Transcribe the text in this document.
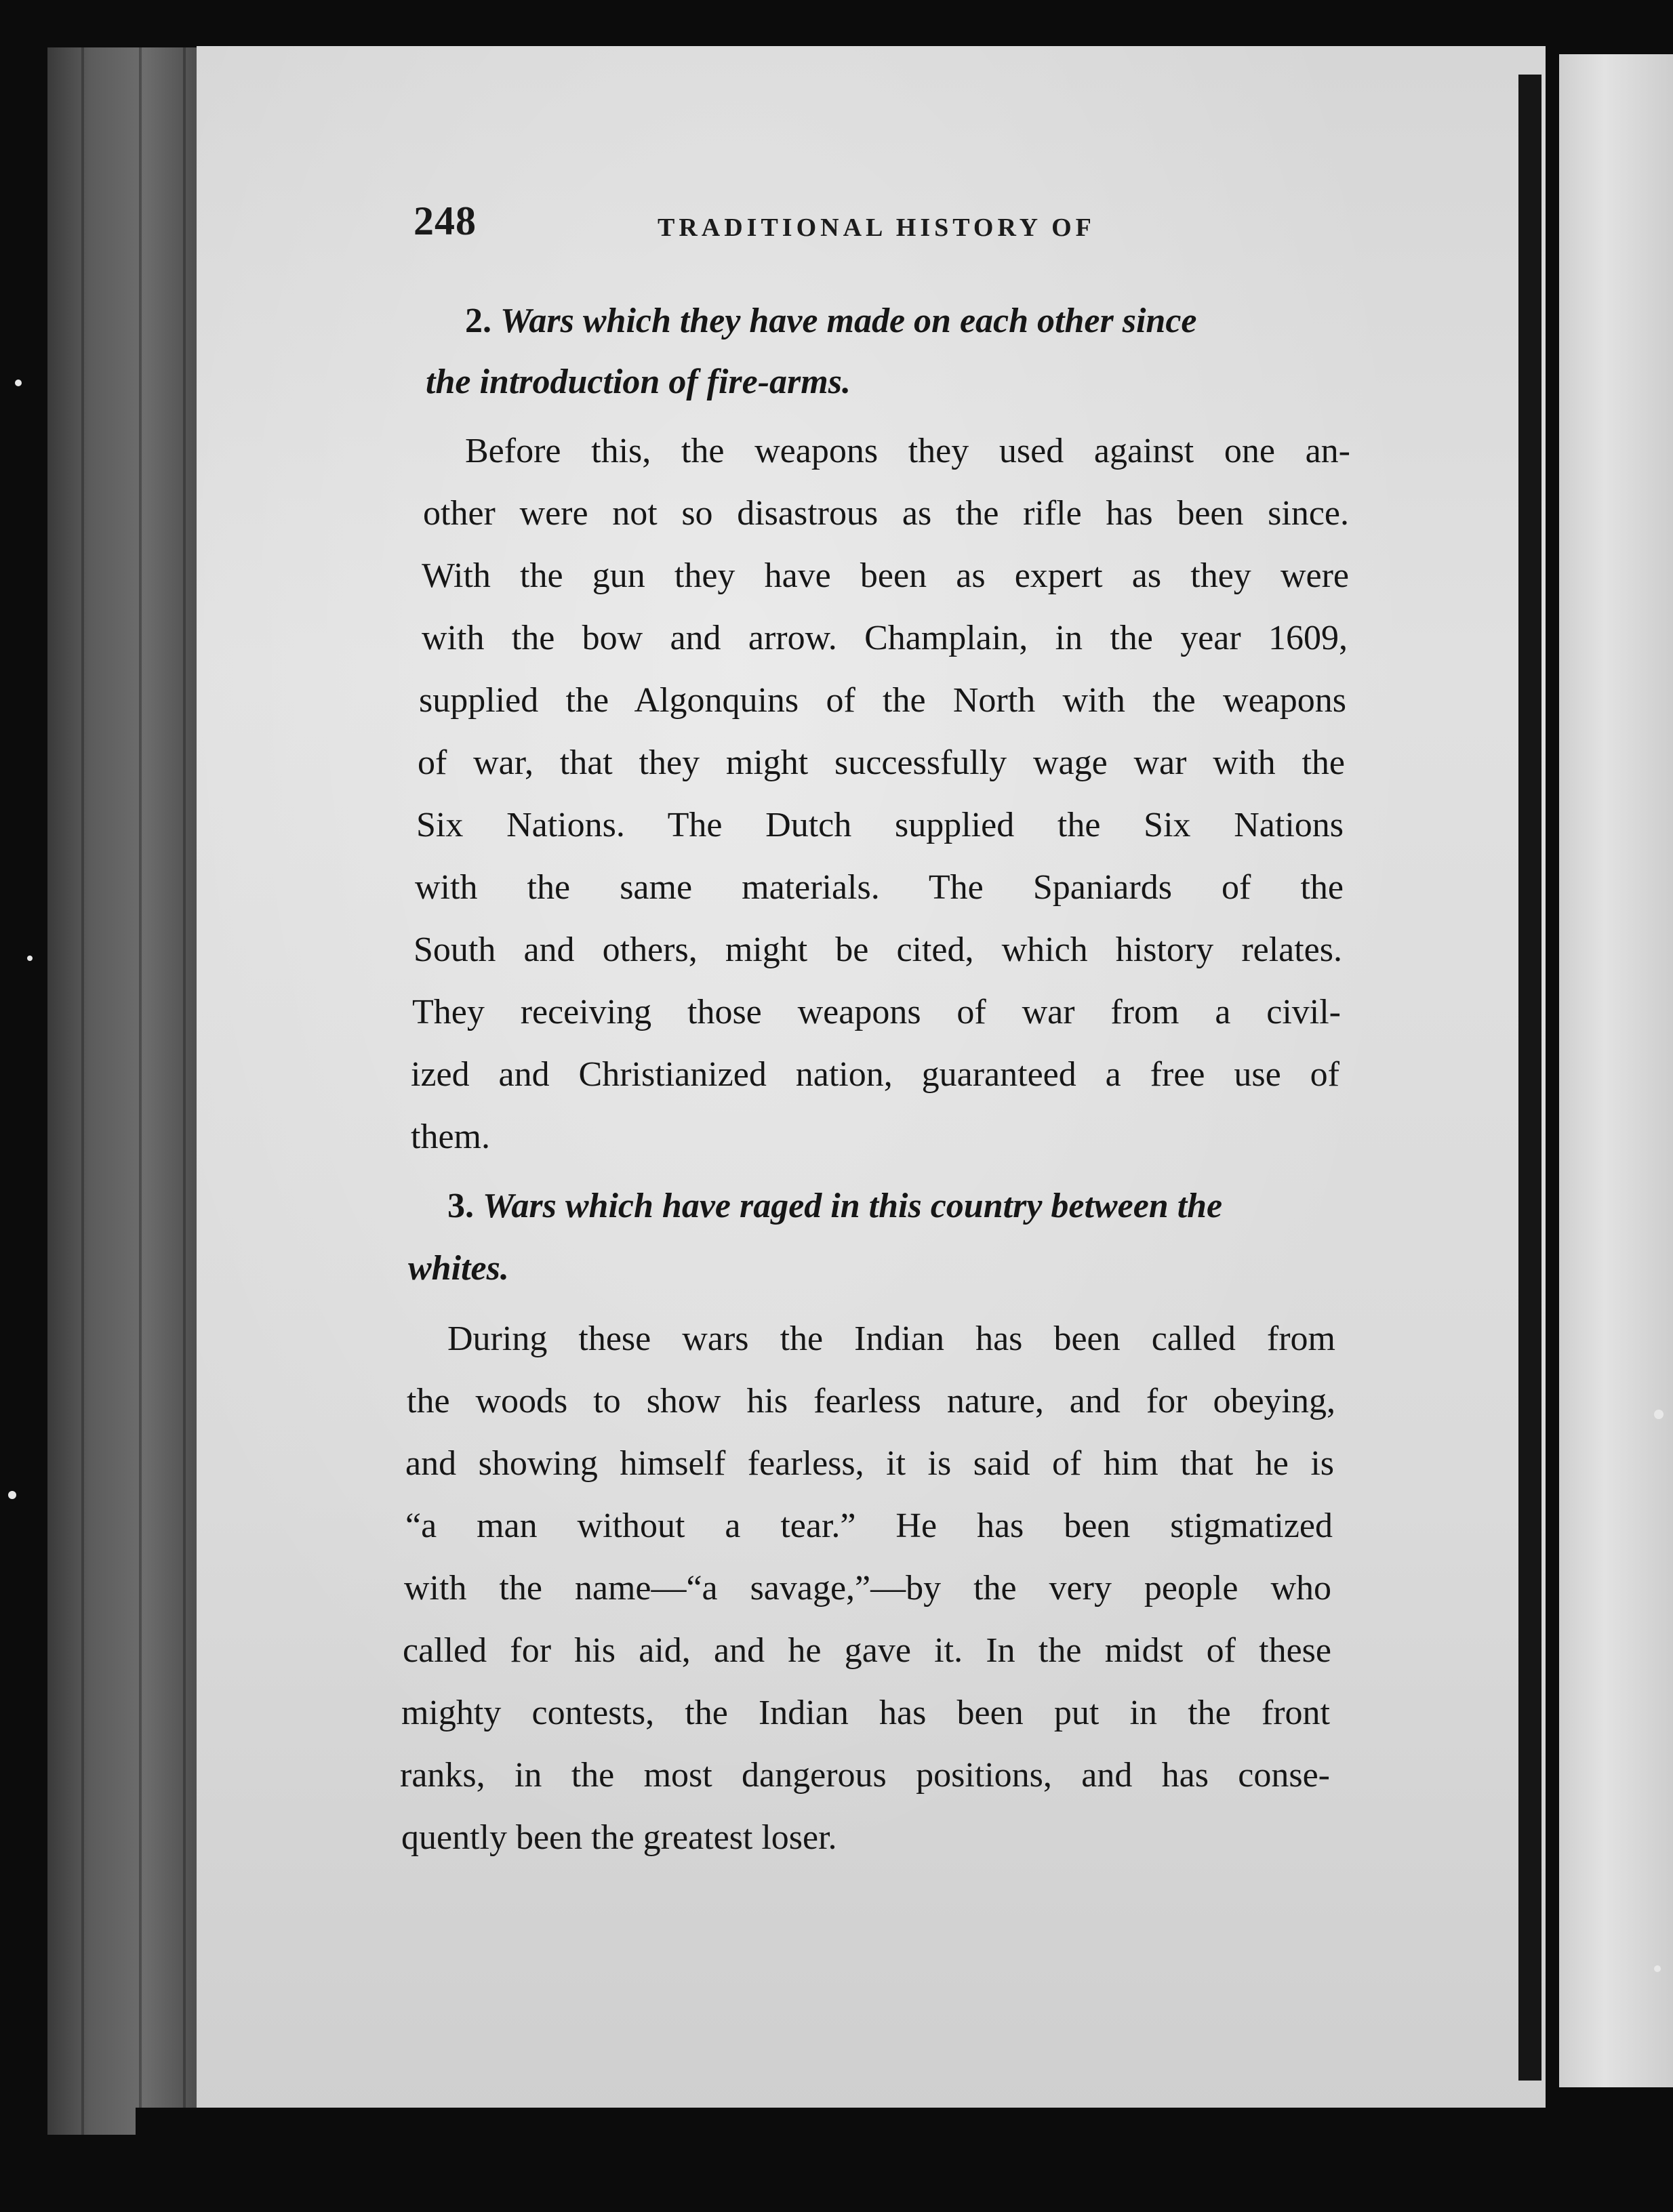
248	TRADITIONAL HISTORY OF
2. Wars which they have made on each other since
the introduction of fire-arms.
Before this, the weapons they used against one an-
other were not so disastrous as the rifle has been since.
With the gun they have been as expert as they were
with the bow and arrow. Champlain, in the year 1609,
supplied the Algonquins of the North with the weapons
of war, that they might successfully wage war with the
Six Nations. The Dutch supplied the Six Nations
with the same materials. The Spaniards of the
South and others, might be cited, which history relates.
They receiving those weapons of war from a civil-
ized and Christianized nation, guaranteed a free use of
them.
3. Wars which have raged in this country between the
whites.
During these wars the Indian has been called from
the woods to show his fearless nature, and for obeying,
and showing himself fearless, it is said of him that he is
“a man without a tear.” He has been stigmatized
with the name—“a savage,”—by the very people who
called for his aid, and he gave it. In the midst of these
mighty contests, the Indian has been put in the front
ranks, in the most dangerous positions, and has conse-
quently been the greatest loser.
